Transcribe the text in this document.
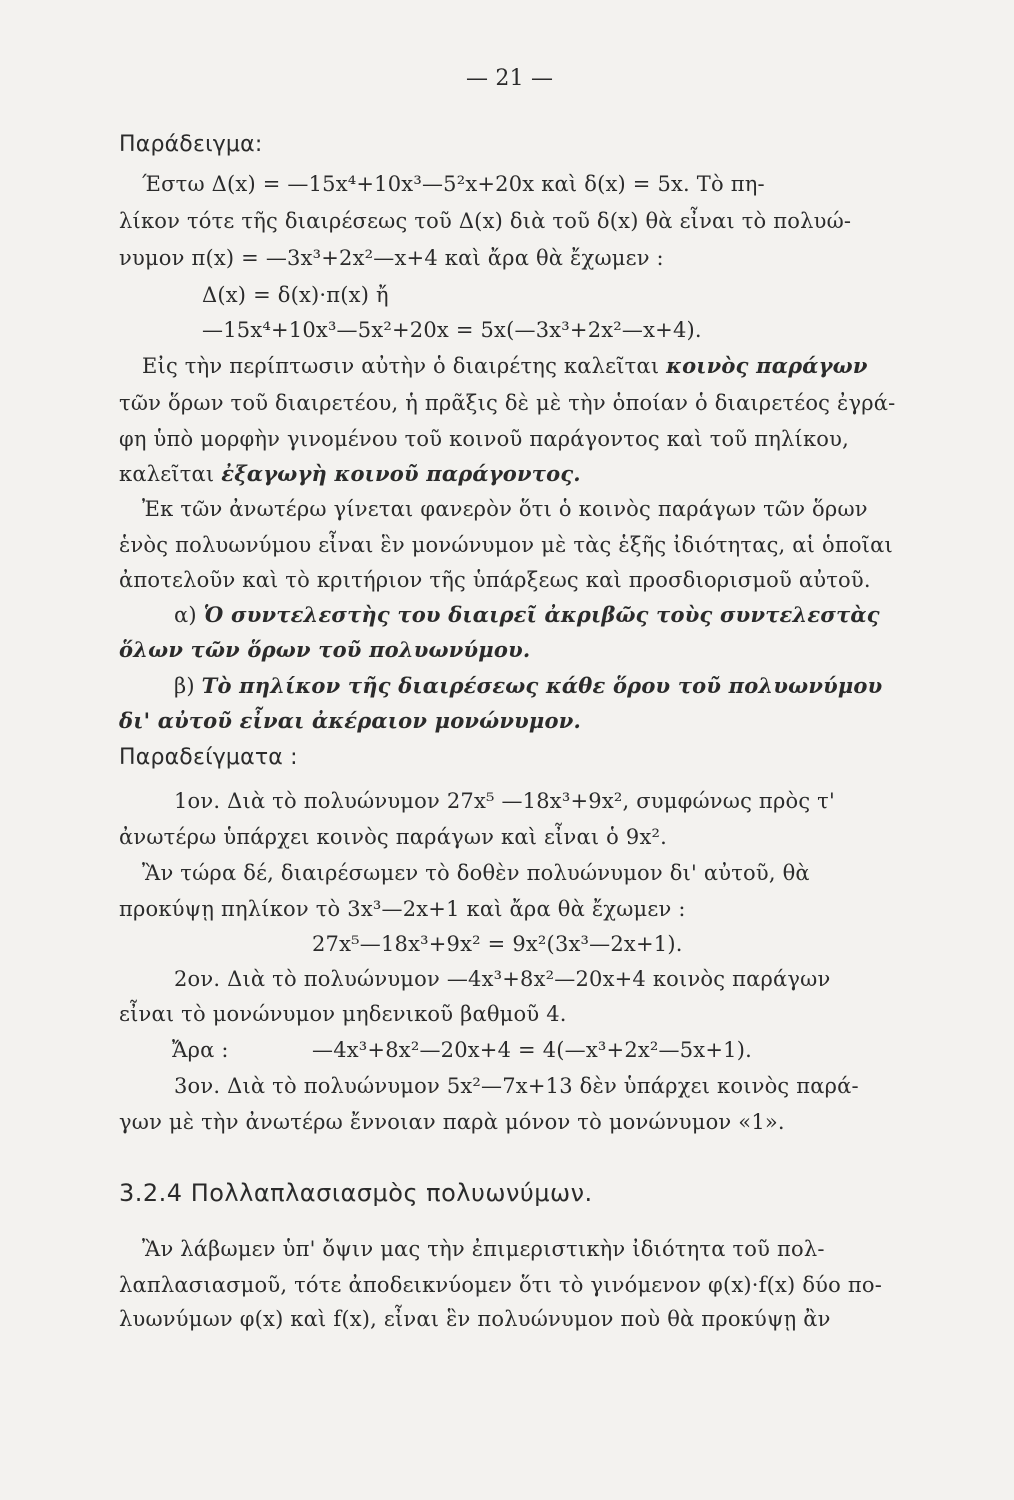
— 21 —
Παράδειγμα:
Έστω Δ(x) = —15x⁴+10x³—5²x+20x καὶ δ(x) = 5x. Τὸ πη-
λίκον τότε τῆς διαιρέσεως τοῦ Δ(x) διὰ τοῦ δ(x) θὰ εἶναι τὸ πολυώ-
νυμον π(x) = —3x³+2x²—x+4 καὶ ἄρα θὰ ἔχωμεν :
Δ(x) = δ(x)·π(x) ἤ
—15x⁴+10x³—5x²+20x = 5x(—3x³+2x²—x+4).
Εἰς τὴν περίπτωσιν αὐτὴν ὁ διαιρέτης καλεῖται κοινὸς παράγων
τῶν ὅρων τοῦ διαιρετέου, ἡ πρᾶξις δὲ μὲ τὴν ὁποίαν ὁ διαιρετέος ἐγρά-
φη ὑπὸ μορφὴν γινομένου τοῦ κοινοῦ παράγοντος καὶ τοῦ πηλίκου,
καλεῖται ἐξαγωγὴ κοινοῦ παράγοντος.
Ἐκ τῶν ἀνωτέρω γίνεται φανερὸν ὅτι ὁ κοινὸς παράγων τῶν ὅρων
ἑνὸς πολυωνύμου εἶναι ἓν μονώνυμον μὲ τὰς ἑξῆς ἰδιότητας, αἱ ὁποῖαι
ἀποτελοῦν καὶ τὸ κριτήριον τῆς ὑπάρξεως καὶ προσδιορισμοῦ αὐτοῦ.
α) Ὁ συντελεστὴς του διαιρεῖ ἀκριβῶς τοὺς συντελεστὰς
ὅλων τῶν ὅρων τοῦ πολυωνύμου.
β) Τὸ πηλίκον τῆς διαιρέσεως κάθε ὅρου τοῦ πολυωνύμου
δι' αὐτοῦ εἶναι ἀκέραιον μονώνυμον.
Παραδείγματα :
1ον. Διὰ τὸ πολυώνυμον 27x⁵ —18x³+9x², συμφώνως πρὸς τ'
ἀνωτέρω ὑπάρχει κοινὸς παράγων καὶ εἶναι ὁ 9x².
Ἂν τώρα δέ, διαιρέσωμεν τὸ δοθὲν πολυώνυμον δι' αὐτοῦ, θὰ
προκύψῃ πηλίκον τὸ 3x³—2x+1 καὶ ἄρα θὰ ἔχωμεν :
27x⁵—18x³+9x² = 9x²(3x³—2x+1).
2ον. Διὰ τὸ πολυώνυμον —4x³+8x²—20x+4 κοινὸς παράγων
εἶναι τὸ μονώνυμον μηδενικοῦ βαθμοῦ 4.
Ἄρα :	—4x³+8x²—20x+4 = 4(—x³+2x²—5x+1).
3ον. Διὰ τὸ πολυώνυμον 5x²—7x+13 δὲν ὑπάρχει κοινὸς παρά-
γων μὲ τὴν ἀνωτέρω ἔννοιαν παρὰ μόνον τὸ μονώνυμον «1».
3.2.4 Πολλαπλασιασμὸς πολυωνύμων.
Ἂν λάβωμεν ὑπ' ὄψιν μας τὴν ἐπιμεριστικὴν ἰδιότητα τοῦ πολ-
λαπλασιασμοῦ, τότε ἀποδεικνύομεν ὅτι τὸ γινόμενον φ(x)·f(x) δύο πο-
λυωνύμων φ(x) καὶ f(x), εἶναι ἓν πολυώνυμον ποὺ θὰ προκύψῃ ἂν
